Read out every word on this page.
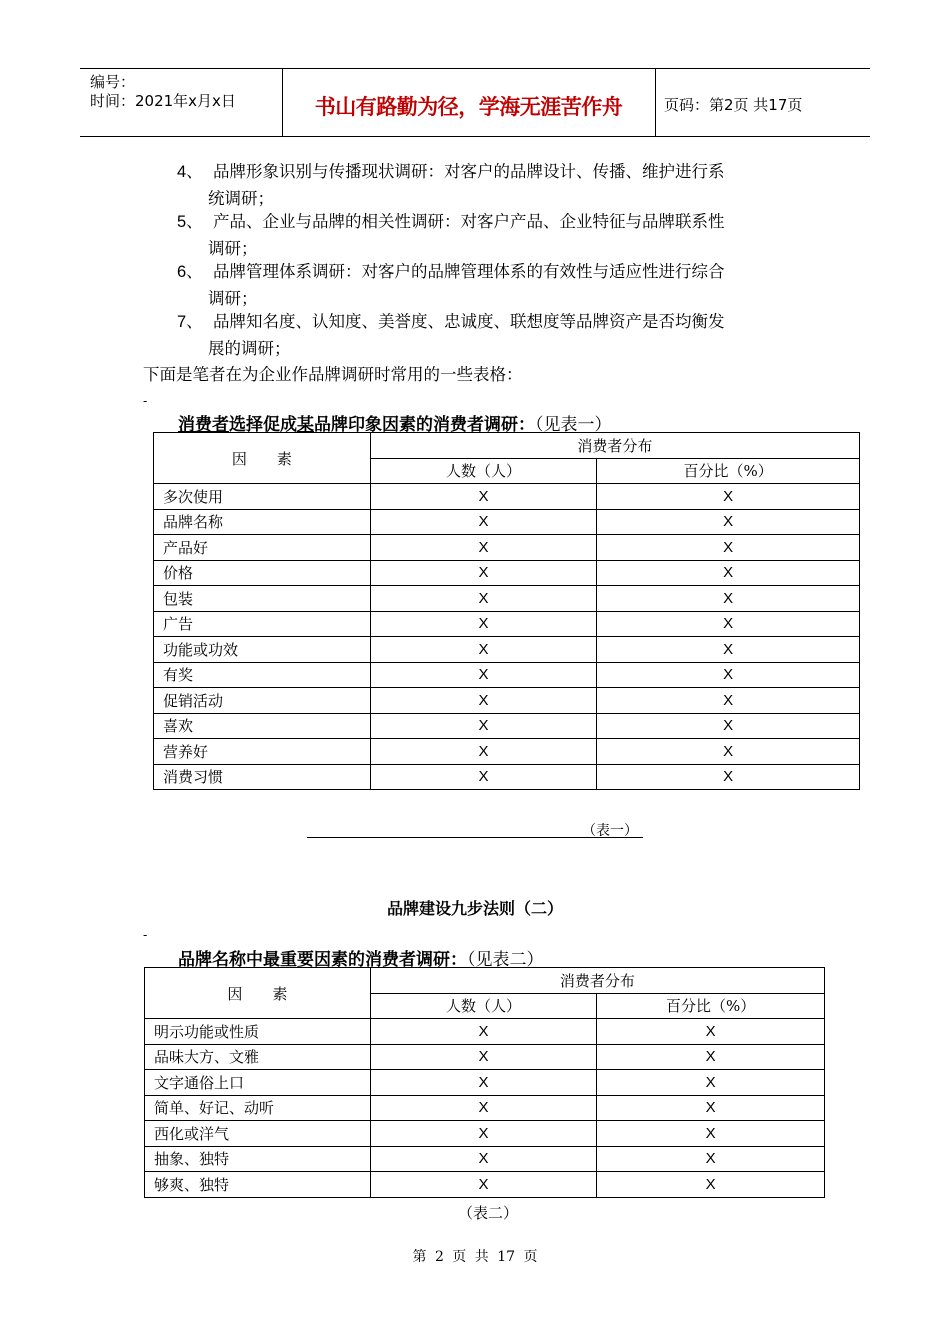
编号：
时间：2021年x月x日	书山有路勤为径，学海无涯苦作舟	页码：第2页 共17页
4、 品牌形象识别与传播现状调研：对客户的品牌设计、传播、维护进行系
统调研；
5、 产品、企业与品牌的相关性调研：对客户产品、企业特征与品牌联系性
调研；
6、 品牌管理体系调研：对客户的品牌管理体系的有效性与适应性进行综合
调研；
7、 品牌知名度、认知度、美誉度、忠诚度、联想度等品牌资产是否均衡发
展的调研；
下面是笔者在为企业作品牌调研时常用的一些表格：
-
消费者选择促成某品牌印象因素的消费者调研：（见表一）
因　　素	消费者分布	
	人数（人）	百分比（%）
多次使用	X	X
品牌名称	X	X
产品好	X	X
价格	X	X
包装	X	X
广告	X	X
功能或功效	X	X
有奖	X	X
促销活动	X	X
喜欢	X	X
营养好	X	X
消费习惯	X	X
（表一）
品牌建设九步法则（二）
-
品牌名称中最重要因素的消费者调研：（见表二）
因　　素	消费者分布	
	人数（人）	百分比（%）
明示功能或性质	X	X
品味大方、文雅	X	X
文字通俗上口	X	X
简单、好记、动听	X	X
西化或洋气	X	X
抽象、独特	X	X
够爽、独特	X	X
（表二）
第 2 页 共 17 页
